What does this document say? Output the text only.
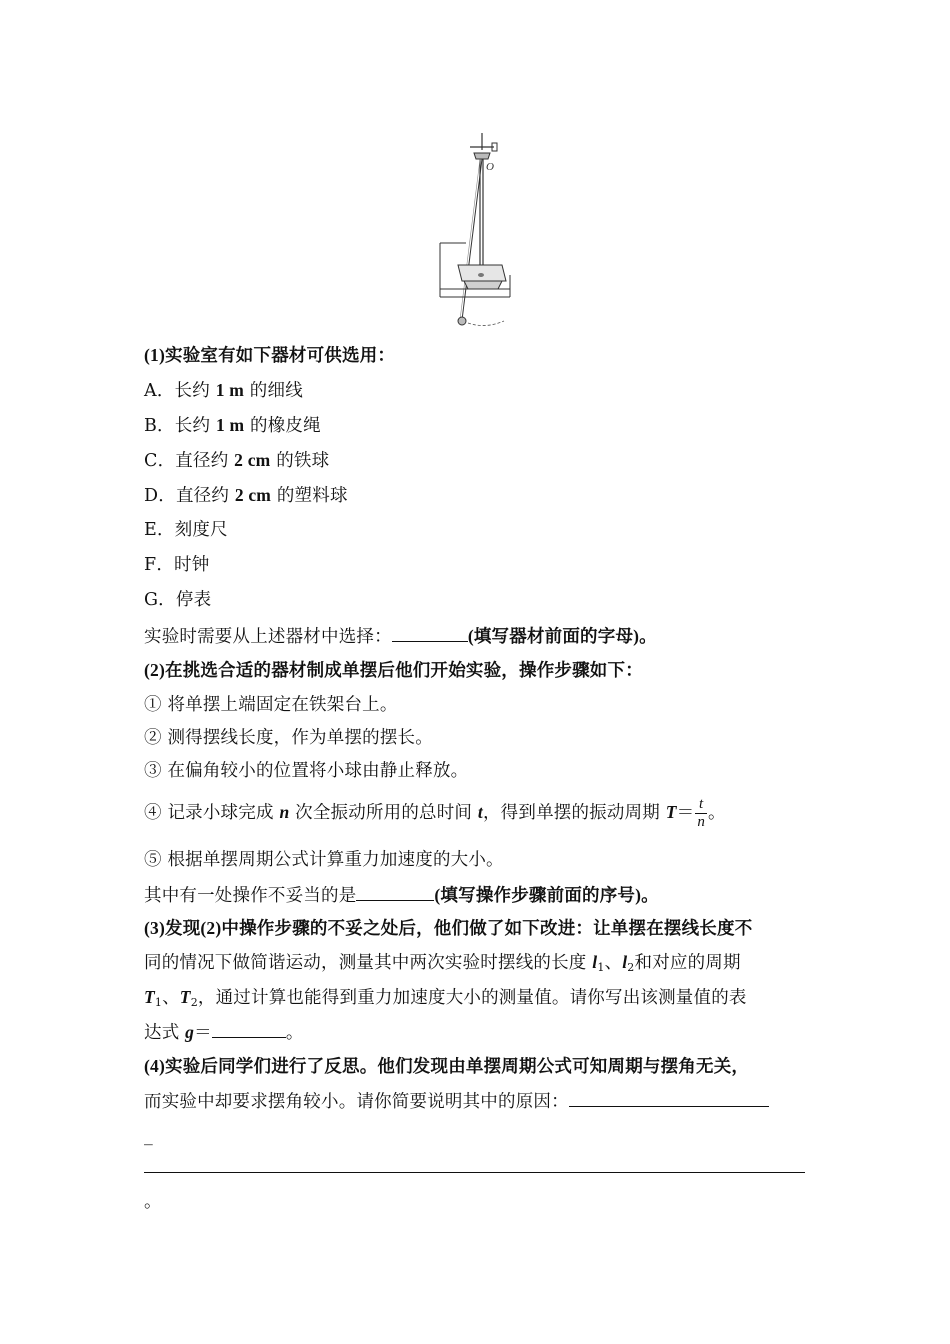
O
(1)实验室有如下器材可供选用：
A．长约 1 m 的细线
B．长约 1 m 的橡皮绳
C．直径约 2 cm 的铁球
D．直径约 2 cm 的塑料球
E．刻度尺
F．时钟
G．停表
实验时需要从上述器材中选择：	(填写器材前面的字母)。
(2)在挑选合适的器材制成单摆后他们开始实验，操作步骤如下：
① 将单摆上端固定在铁架台上。
② 测得摆线长度，作为单摆的摆长。
③ 在偏角较小的位置将小球由静止释放。
④ 记录小球完成 n 次全振动所用的总时间 t，得到单摆的振动周期 $T= \frac{t}{n}$ 。
⑤ 根据单摆周期公式计算重力加速度的大小。
其中有一处操作不妥当的是	(填写操作步骤前面的序号)。
(3)发现(2)中操作步骤的不妥之处后，他们做了如下改进：让单摆在摆线长度不
同的情况下做简谐运动，测量其中两次实验时摆线的长度 $l_1$、$l_2$和对应的周期
$T_1$、$T_2$，通过计算也能得到重力加速度大小的测量值。请你写出该测量值的表
达式 g＝	。
(4)实验后同学们进行了反思。他们发现由单摆周期公式可知周期与摆角无关，
而实验中却要求摆角较小。请你简要说明其中的原因：
_
。
